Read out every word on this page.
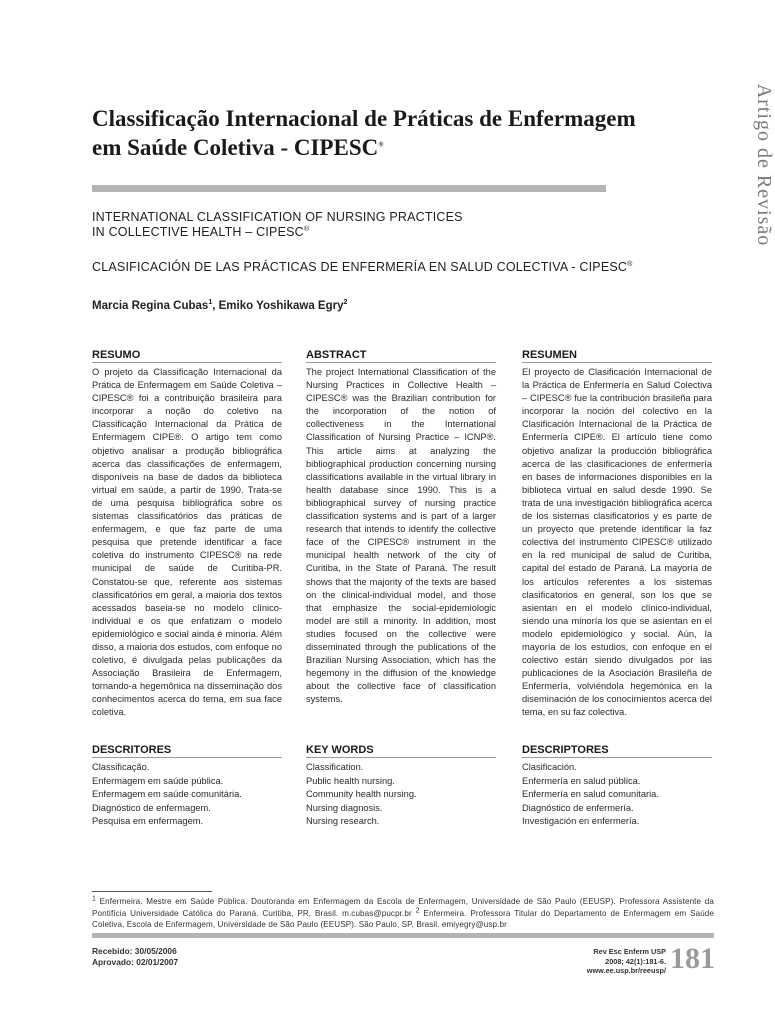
Artigo de Revisão
Classificação Internacional de Práticas de Enfermagem em Saúde Coletiva - CIPESC®
INTERNATIONAL CLASSIFICATION OF NURSING PRACTICES
IN COLLECTIVE HEALTH – CIPESC®
CLASIFICACIÓN DE LAS PRÁCTICAS DE ENFERMERÍA EN SALUD COLECTIVA - CIPESC®
Marcia Regina Cubas$^1$, Emiko Yoshikawa Egry$^2$
RESUMO

O projeto da Classificação Internacional da Prática de Enfermagem em Saúde Coletiva – CIPESC® foi a contribuição brasileira para incorporar a noção do coletivo na Classificação Internacional da Prática de Enfermagem CIPE®. O artigo tem como objetivo analisar a produção bibliográfica acerca das classificações de enfermagem, disponíveis na base de dados da biblioteca virtual em saúde, a partir de 1990. Trata-se de uma pesquisa bibliográfica sobre os sistemas classificatórios das práticas de enfermagem, e que faz parte de uma pesquisa que pretende identificar a face coletiva do instrumento CIPESC® na rede municipal de saúde de Curitiba-PR. Constatou-se que, referente aos sistemas classificatórios em geral, a maioria dos textos acessados baseia-se no modelo clínico-individual e os que enfatizam o modelo epidemiológico e social ainda é minoria. Além disso, a maioria dos estudos, com enfoque no coletivo, é divulgada pelas publicações da Associação Brasileira de Enfermagem, tornando-a hegemônica na disseminação dos conhecimentos acerca do tema, em sua face coletiva.

ABSTRACT

The project International Classification of the Nursing Practices in Collective Health – CIPESC® was the Brazilian contribution for the incorporation of the notion of collectiveness in the International Classification of Nursing Practice – ICNP®. This article aims at analyzing the bibliographical production concerning nursing classifications available in the virtual library in health database since 1990. This is a bibliographical survey of nursing practice classification systems and is part of a larger research that intends to identify the collective face of the CIPESC® instrument in the municipal health network of the city of Curitiba, in the State of Paraná. The result shows that the majority of the texts are based on the clinical-individual model, and those that emphasize the social-epidemiologic model are still a minority. In addition, most studies focused on the collective were disseminated through the publications of the Brazilian Nursing Association, which has the hegemony in the diffusion of the knowledge about the collective face of classification systems.

RESUMEN

El proyecto de Clasificación Internacional de la Práctica de Enfermería en Salud Colectiva – CIPESC® fue la contribución brasileña para incorporar la noción del colectivo en la Clasificación Internacional de la Práctica de Enfermería CIPE®. El artículo tiene como objetivo analizar la producción bibliográfica acerca de las clasificaciones de enfermería en bases de informaciones disponibles en la biblioteca virtual en salud desde 1990. Se trata de una investigación bibliográfica acerca de los sistemas clasificatorios y es parte de un proyecto que pretende identificar la faz colectiva del instrumento CIPESC® utilizado en la red municipal de salud de Curitiba, capital del estado de Paraná. La mayoría de los artículos referentes a los sistemas clasificatorios en general, son los que se asientan en el modelo clínico-individual, siendo una minoría los que se asientan en el modelo epidemiológico y social. Aún, la mayoría de los estudios, con enfoque en el colectivo están siendo divulgados por las publicaciones de la Asociación Brasileña de Enfermería, volviéndola hegemónica en la diseminación de los conocimientos acerca del tema, en su faz colectiva.

DESCRITORES
Classificação.
Enfermagem em saúde pública.
Enfermagem em saúde comunitária.
Diagnóstico de enfermagem.
Pesquisa em enfermagem.
KEY WORDS
Classification.
Public health nursing.
Community health nursing.
Nursing diagnosis.
Nursing research.
DESCRIPTORES
Clasificación.
Enfermería en salud pública.
Enfermería en salud comunitaria.
Diagnóstico de enfermería.
Investigación en enfermería.
$^1$ Enfermeira. Mestre em Saúde Pública. Doutoranda em Enfermagem da Escola de Enfermagem, Universidade de São Paulo (EEUSP). Professora Assistente da Pontifícia Universidade Católica do Paraná. Curitiba, PR, Brasil. m.cubas@pucpr.br $^2$ Enfermeira. Professora Titular do Departamento de Enfermagem em Saúde Coletiva, Escola de Enfermagem, Universidade de São Paulo (EEUSP). São Paulo, SP, Brasil. emiyegry@usp.br
Recebido: 30/05/2006
Aprovado: 02/01/2007
Rev Esc Enferm USP
2008; 42(1):181-6.
www.ee.usp.br/reeusp/ 181
